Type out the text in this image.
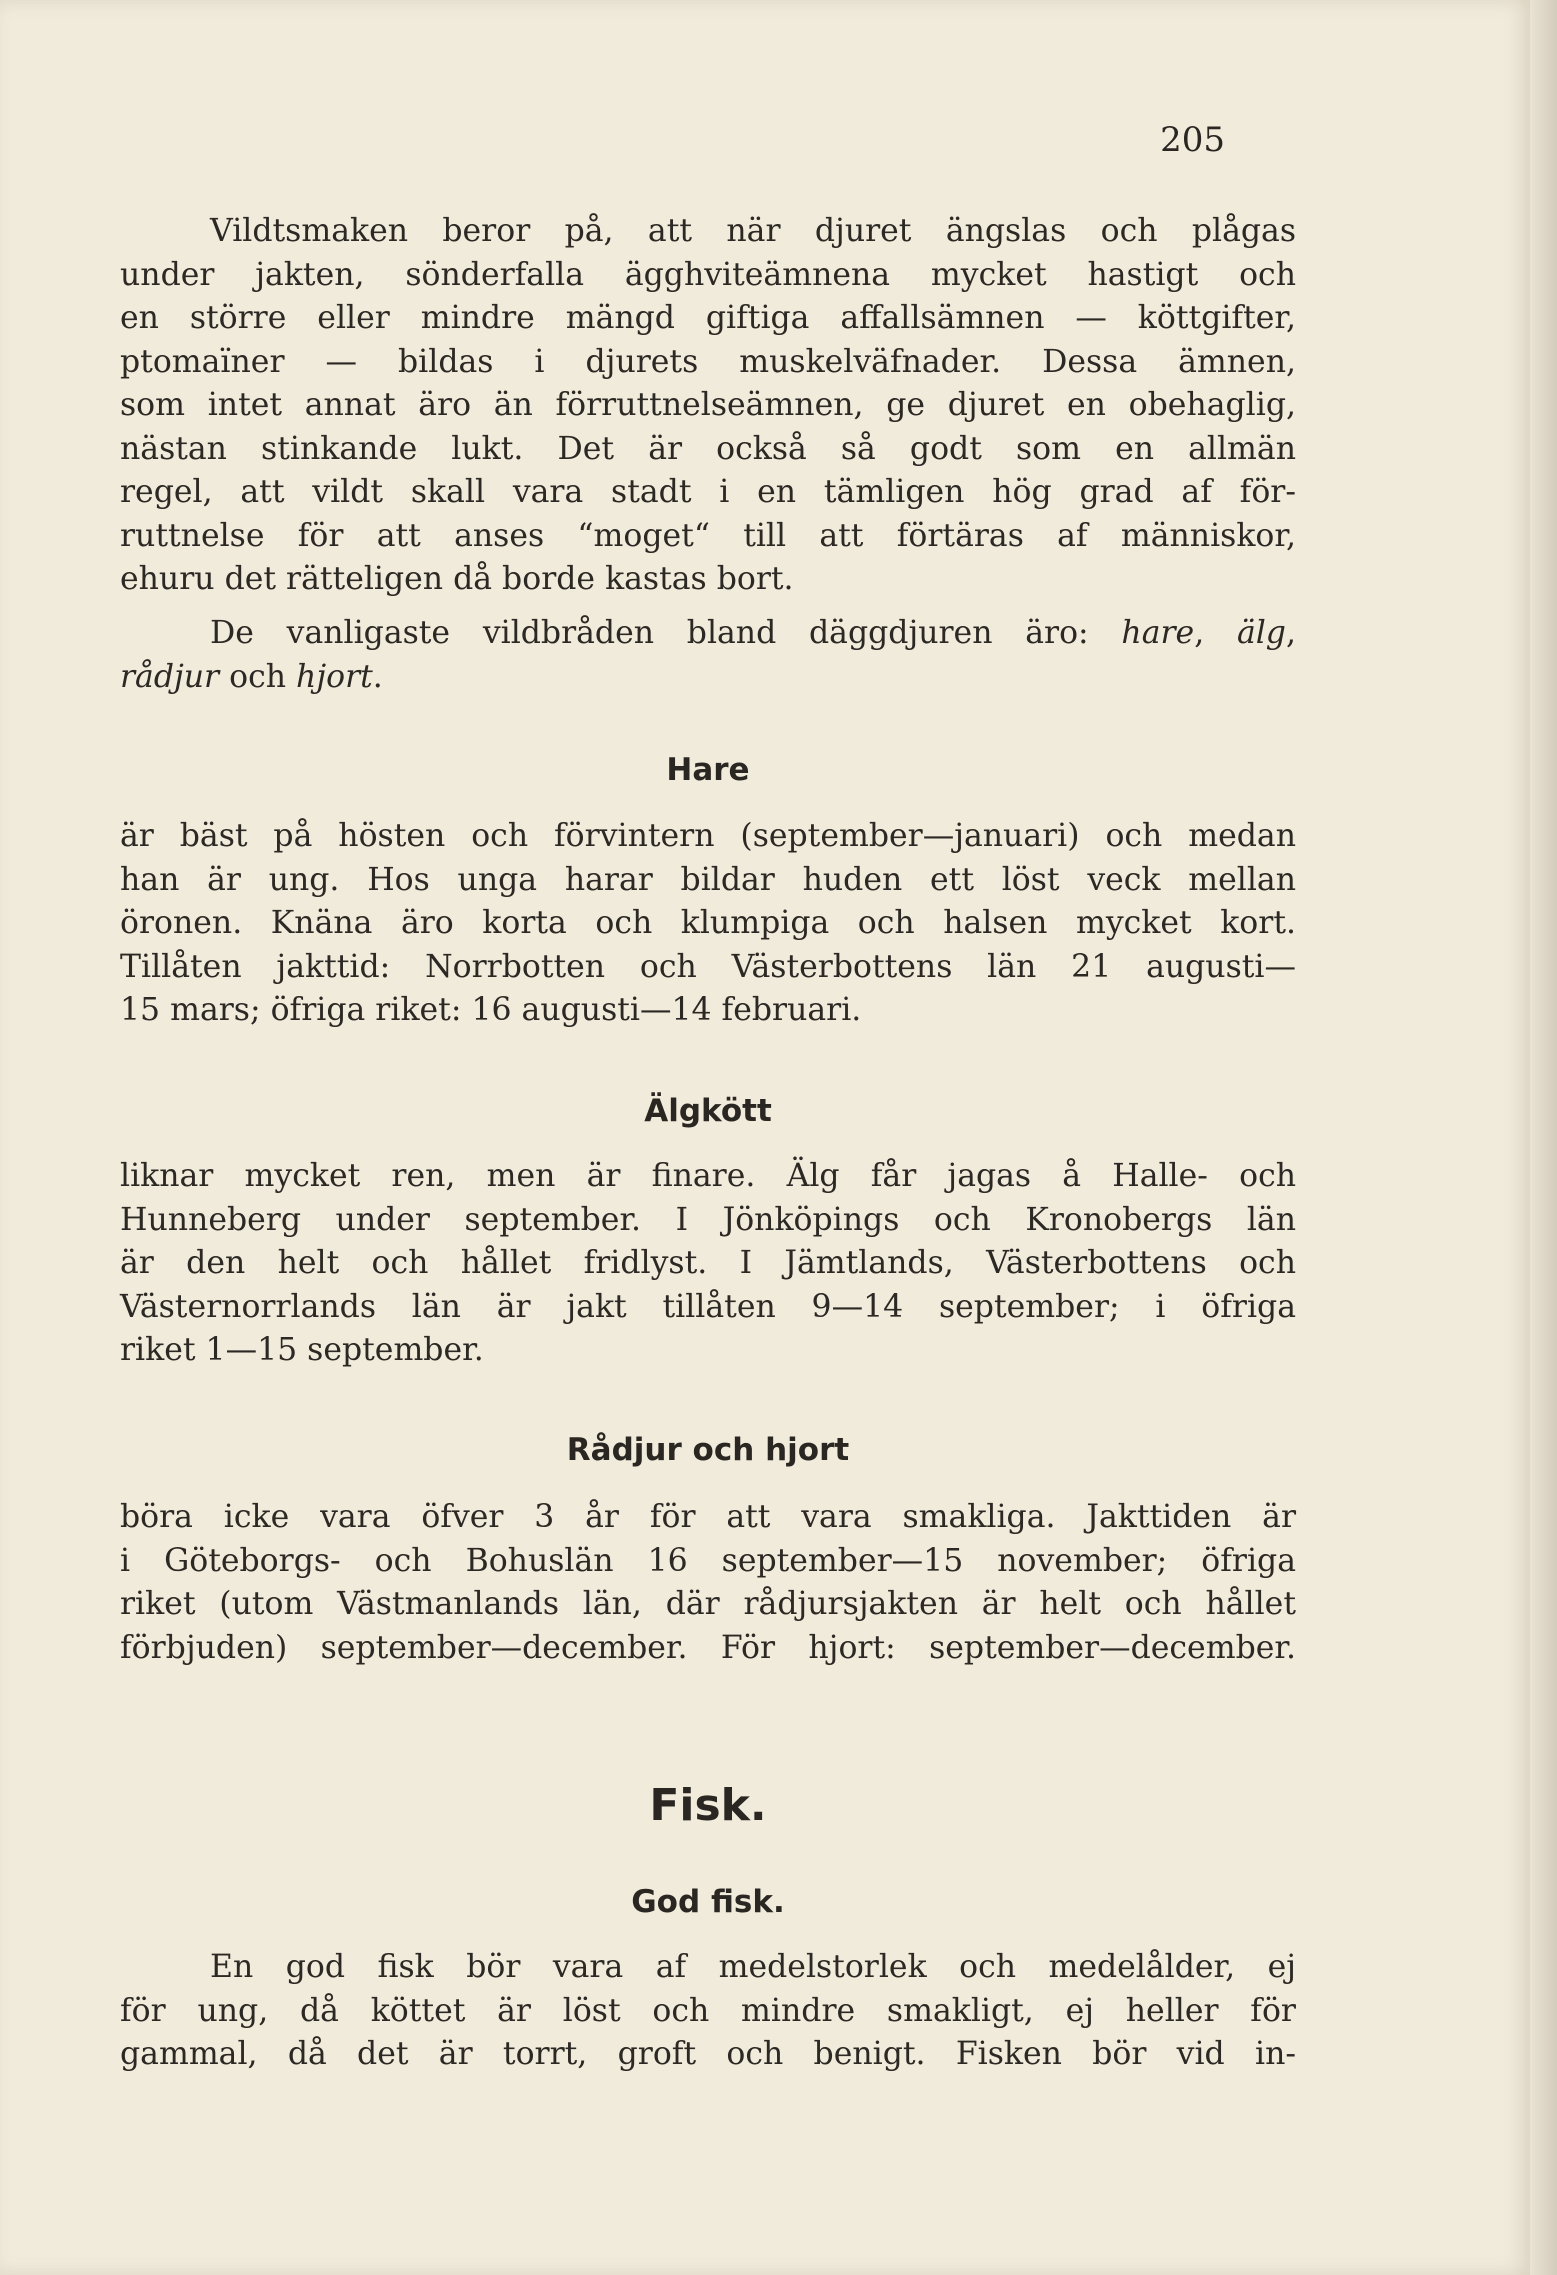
205
Vildtsmaken beror på, att när djuret ängslas och plågas
under jakten, sönderfalla ägghviteämnena mycket hastigt och
en större eller mindre mängd giftiga affallsämnen — köttgifter,
ptomaïner — bildas i djurets muskelväfnader. Dessa ämnen,
som intet annat äro än förruttnelseämnen, ge djuret en obehaglig,
nästan stinkande lukt. Det är också så godt som en allmän
regel, att vildt skall vara stadt i en tämligen hög grad af för-
ruttnelse för att anses “moget“ till att förtäras af människor,
ehuru det rätteligen då borde kastas bort.
De vanligaste vildbråden bland däggdjuren äro: hare, älg,
rådjur och hjort.
Hare
är bäst på hösten och förvintern (september—januari) och medan
han är ung. Hos unga harar bildar huden ett löst veck mellan
öronen. Knäna äro korta och klumpiga och halsen mycket kort.
Tillåten jakttid: Norrbotten och Västerbottens län 21 augusti—
15 mars; öfriga riket: 16 augusti—14 februari.
Älgkött
liknar mycket ren, men är finare. Älg får jagas å Halle- och
Hunneberg under september. I Jönköpings och Kronobergs län
är den helt och hållet fridlyst. I Jämtlands, Västerbottens och
Västernorrlands län är jakt tillåten 9—14 september; i öfriga
riket 1—15 september.
Rådjur och hjort
böra icke vara öfver 3 år för att vara smakliga. Jakttiden är
i Göteborgs- och Bohuslän 16 september—15 november; öfriga
riket (utom Västmanlands län, där rådjursjakten är helt och hållet
förbjuden) september—december. För hjort: september—december.
Fisk.
God fisk.
En god fisk bör vara af medelstorlek och medelålder, ej
för ung, då köttet är löst och mindre smakligt, ej heller för
gammal, då det är torrt, groft och benigt. Fisken bör vid in-
